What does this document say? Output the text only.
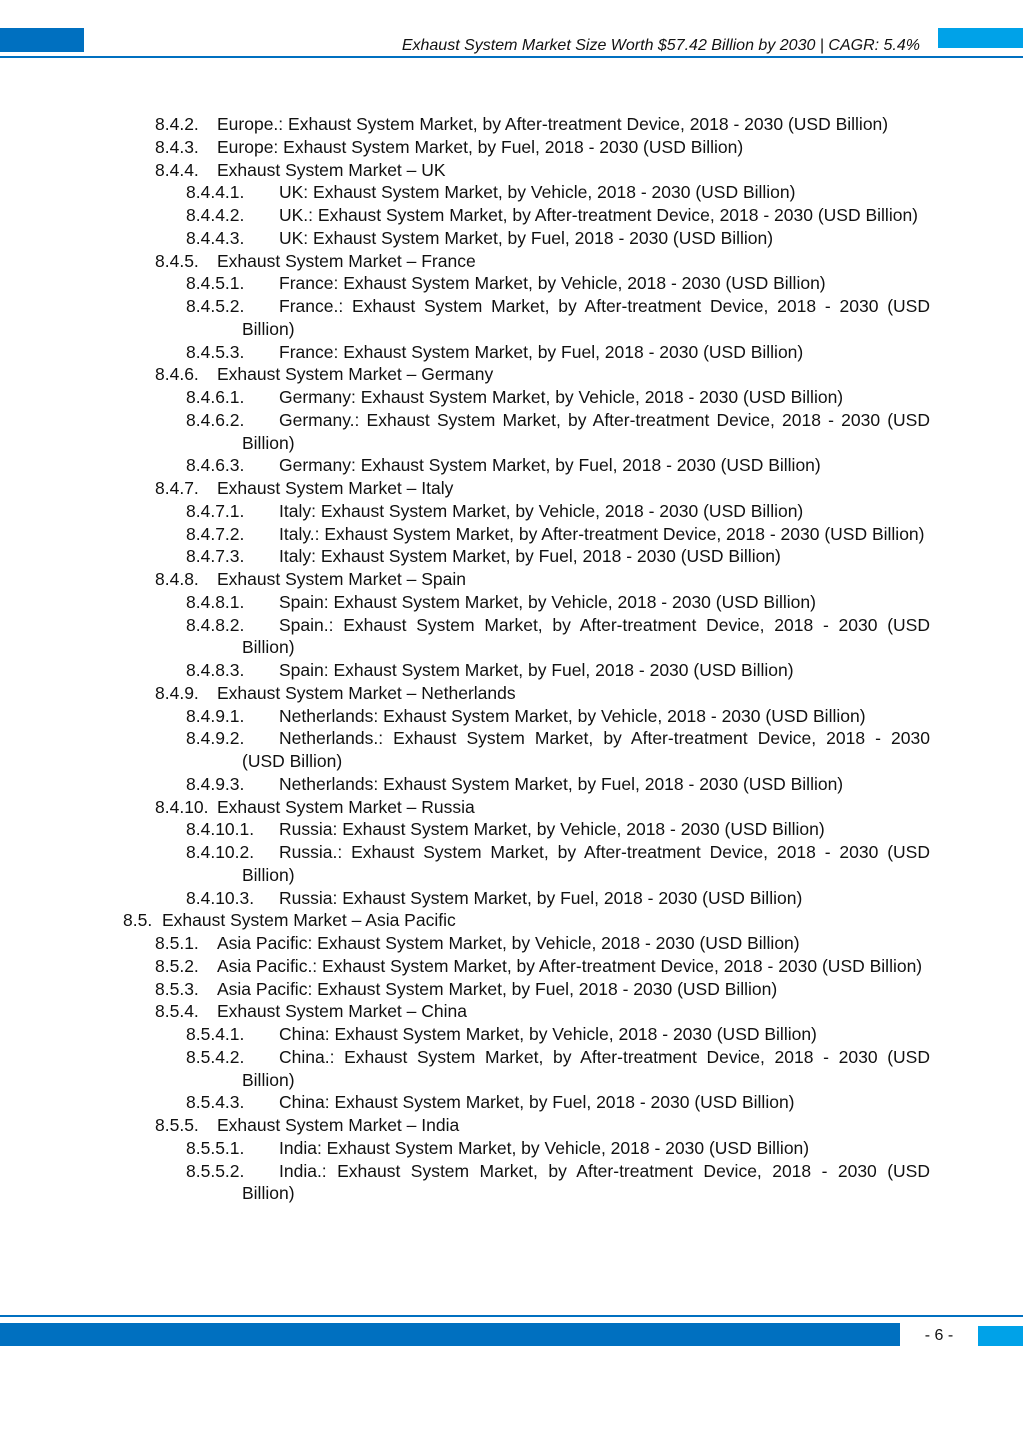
Exhaust System Market Size Worth $57.42 Billion by 2030 | CAGR: 5.4%
8.4.2.	Europe.: Exhaust System Market, by After-treatment Device, 2018 - 2030 (USD Billion)
8.4.3.	Europe: Exhaust System Market, by Fuel, 2018 - 2030 (USD Billion)
8.4.4.	Exhaust System Market – UK
8.4.4.1.	UK: Exhaust System Market, by Vehicle, 2018 - 2030 (USD Billion)
8.4.4.2.	UK.: Exhaust System Market, by After-treatment Device, 2018 - 2030 (USD Billion)
8.4.4.3.	UK: Exhaust System Market, by Fuel, 2018 - 2030 (USD Billion)
8.4.5.	Exhaust System Market – France
8.4.5.1.	France: Exhaust System Market, by Vehicle, 2018 - 2030 (USD Billion)
8.4.5.2.	France.: Exhaust System Market, by After-treatment Device, 2018 - 2030 (USD Billion)
8.4.5.3.	France: Exhaust System Market, by Fuel, 2018 - 2030 (USD Billion)
8.4.6.	Exhaust System Market – Germany
8.4.6.1.	Germany: Exhaust System Market, by Vehicle, 2018 - 2030 (USD Billion)
8.4.6.2.	Germany.: Exhaust System Market, by After-treatment Device, 2018 - 2030 (USD Billion)
8.4.6.3.	Germany: Exhaust System Market, by Fuel, 2018 - 2030 (USD Billion)
8.4.7.	Exhaust System Market – Italy
8.4.7.1.	Italy: Exhaust System Market, by Vehicle, 2018 - 2030 (USD Billion)
8.4.7.2.	Italy.: Exhaust System Market, by After-treatment Device, 2018 - 2030 (USD Billion)
8.4.7.3.	Italy: Exhaust System Market, by Fuel, 2018 - 2030 (USD Billion)
8.4.8.	Exhaust System Market – Spain
8.4.8.1.	Spain: Exhaust System Market, by Vehicle, 2018 - 2030 (USD Billion)
8.4.8.2.	Spain.: Exhaust System Market, by After-treatment Device, 2018 - 2030 (USD Billion)
8.4.8.3.	Spain: Exhaust System Market, by Fuel, 2018 - 2030 (USD Billion)
8.4.9.	Exhaust System Market – Netherlands
8.4.9.1.	Netherlands: Exhaust System Market, by Vehicle, 2018 - 2030 (USD Billion)
8.4.9.2.	Netherlands.: Exhaust System Market, by After-treatment Device, 2018 - 2030 (USD Billion)
8.4.9.3.	Netherlands: Exhaust System Market, by Fuel, 2018 - 2030 (USD Billion)
8.4.10. Exhaust System Market – Russia
8.4.10.1.	Russia: Exhaust System Market, by Vehicle, 2018 - 2030 (USD Billion)
8.4.10.2.	Russia.: Exhaust System Market, by After-treatment Device, 2018 - 2030 (USD Billion)
8.4.10.3.	Russia: Exhaust System Market, by Fuel, 2018 - 2030 (USD Billion)
8.5. Exhaust System Market – Asia Pacific
8.5.1.	Asia Pacific: Exhaust System Market, by Vehicle, 2018 - 2030 (USD Billion)
8.5.2.	Asia Pacific.: Exhaust System Market, by After-treatment Device, 2018 - 2030 (USD Billion)
8.5.3.	Asia Pacific: Exhaust System Market, by Fuel, 2018 - 2030 (USD Billion)
8.5.4.	Exhaust System Market – China
8.5.4.1.	China: Exhaust System Market, by Vehicle, 2018 - 2030 (USD Billion)
8.5.4.2.	China.: Exhaust System Market, by After-treatment Device, 2018 - 2030 (USD Billion)
8.5.4.3.	China: Exhaust System Market, by Fuel, 2018 - 2030 (USD Billion)
8.5.5.	Exhaust System Market – India
8.5.5.1.	India: Exhaust System Market, by Vehicle, 2018 - 2030 (USD Billion)
8.5.5.2.	India.: Exhaust System Market, by After-treatment Device, 2018 - 2030 (USD Billion)
- 6 -
